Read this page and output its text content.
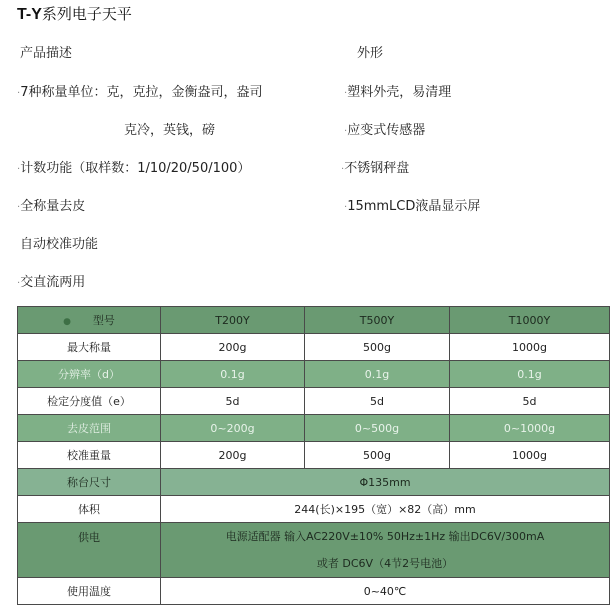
T-Y系列电子天平
产品描述	外形
·7种称量单位：克，克拉，金衡盎司，盎司
克冷，英钱，磅
·计数功能（取样数：1/10/20/50/100）
·全称量去皮
自动校准功能
·交直流两用
·塑料外壳，易清理
·应变式传感器
·不锈钢秤盘
·15mmLCD液晶显示屏
● 型号	T200Y	T500Y	T1000Y
最大称量	200g	500g	1000g
分辨率（d）	0.1g	0.1g	0.1g
检定分度值（e）	5d	5d	5d
去皮范围	0~200g	0~500g	0~1000g
校准重量	200g	500g	1000g
称台尺寸	Φ135mm		
体积	244(长)×195（宽）×82（高）mm		
供电	电源适配器 输入AC220V±10% 50Hz±1Hz 输出DC6V/300mA
或者 DC6V（4节2号电池）		

使用温度	0~40℃		
